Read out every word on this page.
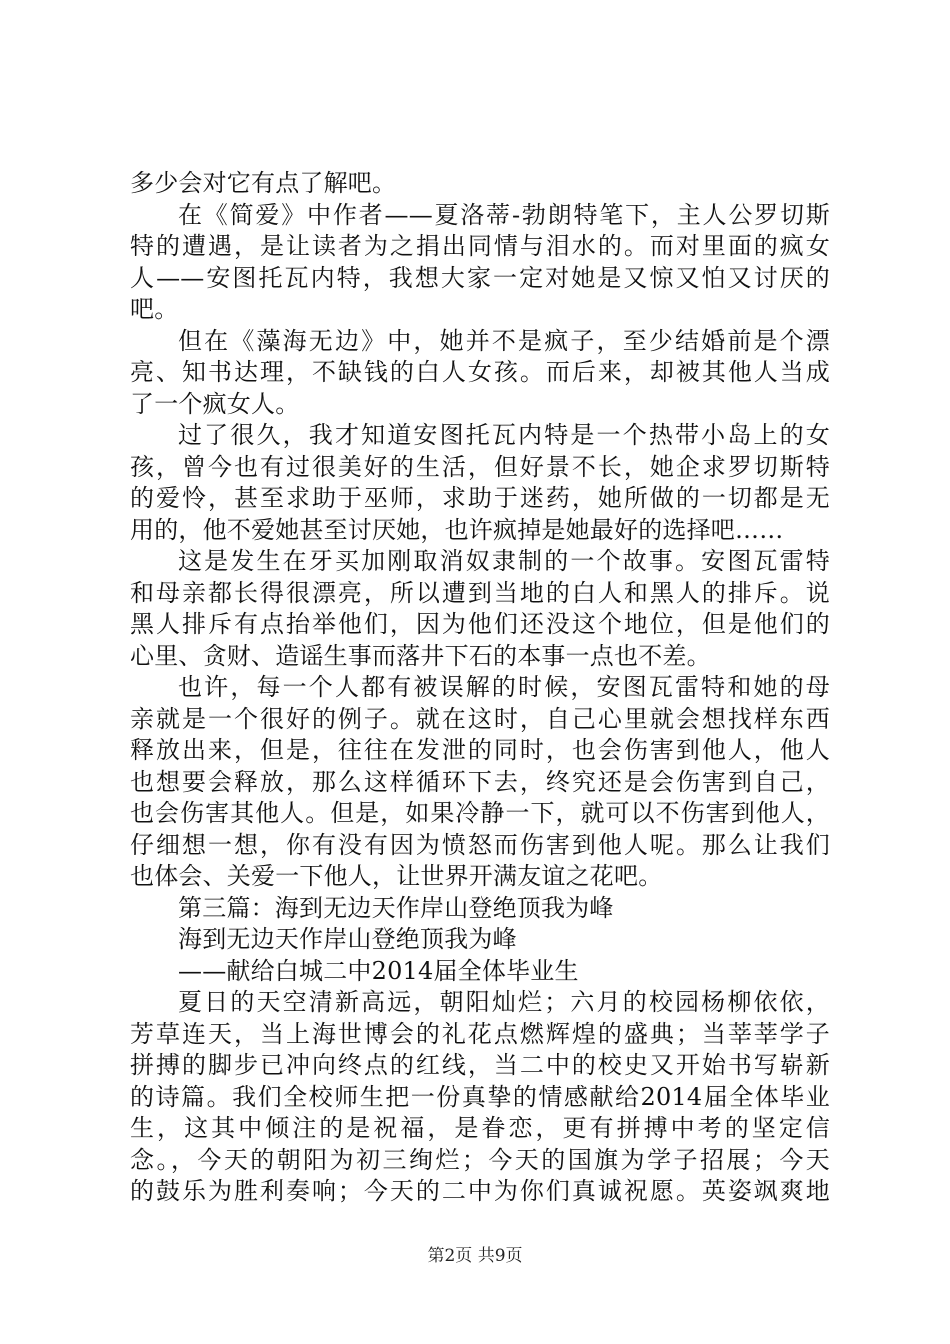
多少会对它有点了解吧。
在《简爱》中作者——夏洛蒂-勃朗特笔下，主人公罗切斯
特的遭遇，是让读者为之捐出同情与泪水的。而对里面的疯女
人——安图托瓦内特，我想大家一定对她是又惊又怕又讨厌的
吧。
但在《藻海无边》中，她并不是疯子，至少结婚前是个漂
亮、知书达理，不缺钱的白人女孩。而后来，却被其他人当成
了一个疯女人。
过了很久，我才知道安图托瓦内特是一个热带小岛上的女
孩，曾今也有过很美好的生活，但好景不长，她企求罗切斯特
的爱怜，甚至求助于巫师，求助于迷药，她所做的一切都是无
用的，他不爱她甚至讨厌她，也许疯掉是她最好的选择吧……
这是发生在牙买加刚取消奴隶制的一个故事。安图瓦雷特
和母亲都长得很漂亮，所以遭到当地的白人和黑人的排斥。说
黑人排斥有点抬举他们，因为他们还没这个地位，但是他们的
心里、贪财、造谣生事而落井下石的本事一点也不差。
也许，每一个人都有被误解的时候，安图瓦雷特和她的母
亲就是一个很好的例子。就在这时，自己心里就会想找样东西
释放出来，但是，往往在发泄的同时，也会伤害到他人，他人
也想要会释放，那么这样循环下去，终究还是会伤害到自己，
也会伤害其他人。但是，如果冷静一下，就可以不伤害到他人，
仔细想一想，你有没有因为愤怒而伤害到他人呢。那么让我们
也体会、关爱一下他人，让世界开满友谊之花吧。
第三篇：海到无边天作岸山登绝顶我为峰
海到无边天作岸山登绝顶我为峰
——献给白城二中2014届全体毕业生
夏日的天空清新高远，朝阳灿烂；六月的校园杨柳依依，
芳草连天，当上海世博会的礼花点燃辉煌的盛典；当莘莘学子
拼搏的脚步已冲向终点的红线，当二中的校史又开始书写崭新
的诗篇。我们全校师生把一份真挚的情感献给2014届全体毕业
生，这其中倾注的是祝福，是眷恋，更有拼搏中考的坚定信
念。，今天的朝阳为初三绚烂；今天的国旗为学子招展；今天
的鼓乐为胜利奏响；今天的二中为你们真诚祝愿。英姿飒爽地
第2页 共9页
